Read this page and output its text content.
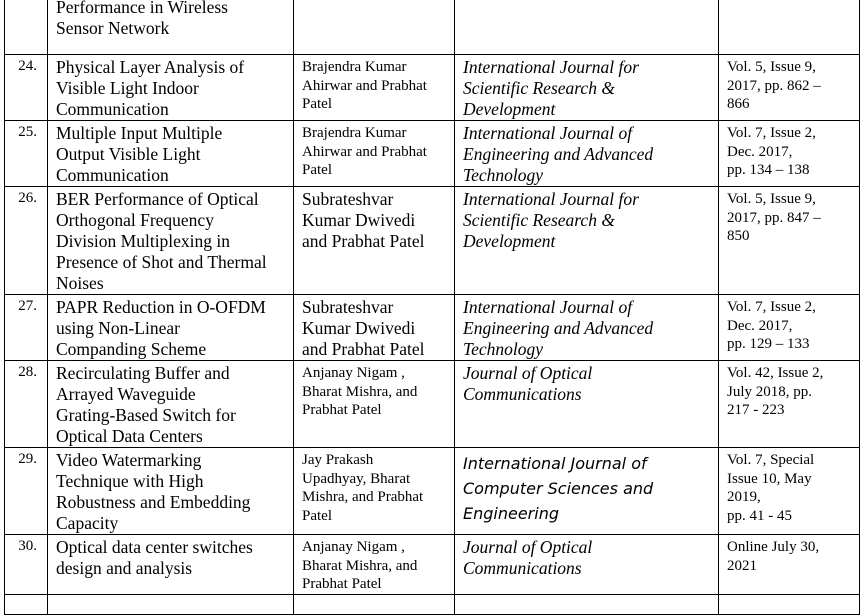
	Performance in Wireless
Sensor Network			

24.	Physical Layer Analysis of
Visible Light Indoor
Communication	Brajendra Kumar
Ahirwar and Prabhat
Patel	International Journal for
Scientific Research &
Development	Vol. 5, Issue 9,
2017, pp. 862 –
866

25.	Multiple Input Multiple
Output Visible Light
Communication	Brajendra Kumar
Ahirwar and Prabhat
Patel	International Journal of
Engineering and Advanced
Technology	Vol. 7, Issue 2,
Dec. 2017,
pp. 134 – 138

26.	BER Performance of Optical
Orthogonal Frequency
Division Multiplexing in
Presence of Shot and Thermal
Noises	Subrateshvar
Kumar Dwivedi
and Prabhat Patel	International Journal for
Scientific Research &
Development	Vol. 5, Issue 9,
2017, pp. 847 –
850

27.	PAPR Reduction in O-OFDM
using Non-Linear
Companding Scheme	Subrateshvar
Kumar Dwivedi
and Prabhat Patel	International Journal of
Engineering and Advanced
Technology	Vol. 7, Issue 2,
Dec. 2017,
pp. 129 – 133

28.	Recirculating Buffer and
Arrayed Waveguide
Grating-Based Switch for
Optical Data Centers	Anjanay Nigam ,
Bharat Mishra, and
Prabhat Patel	Journal of Optical
Communications	Vol. 42, Issue 2,
July 2018, pp.
217 - 223

29.	Video Watermarking
Technique with High
Robustness and Embedding
Capacity	Jay Prakash
Upadhyay, Bharat
Mishra, and Prabhat
Patel	International Journal of
Computer Sciences and
Engineering	Vol. 7, Special
Issue 10, May
2019,
pp. 41 - 45

30.	Optical data center switches
design and analysis	Anjanay Nigam ,
Bharat Mishra, and
Prabhat Patel	Journal of Optical
Communications	Online July 30,
2021
